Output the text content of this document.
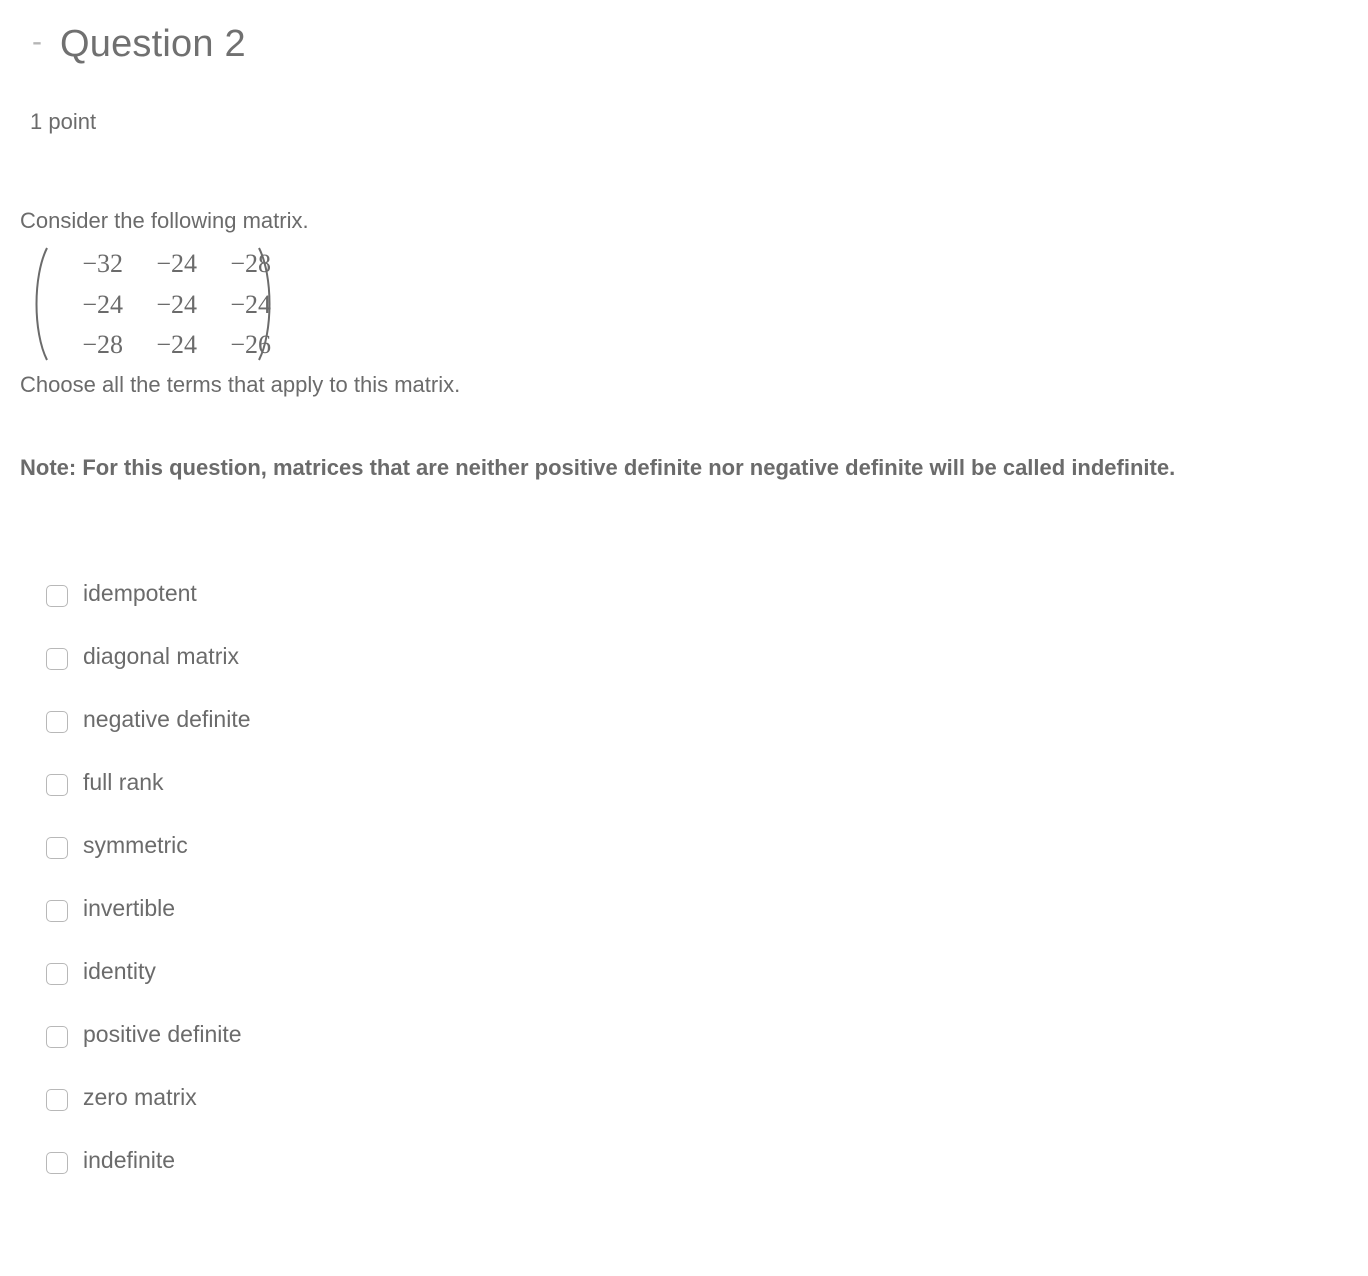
- Question 2
1 point
Consider the following matrix.
−32	−24	−28
−24	−24	−24
−28	−24	−26
Choose all the terms that apply to this matrix.
Note: For this question, matrices that are neither positive definite nor negative definite will be called indefinite.
idempotent
diagonal matrix
negative definite
full rank
symmetric
invertible
identity
positive definite
zero matrix
indefinite
